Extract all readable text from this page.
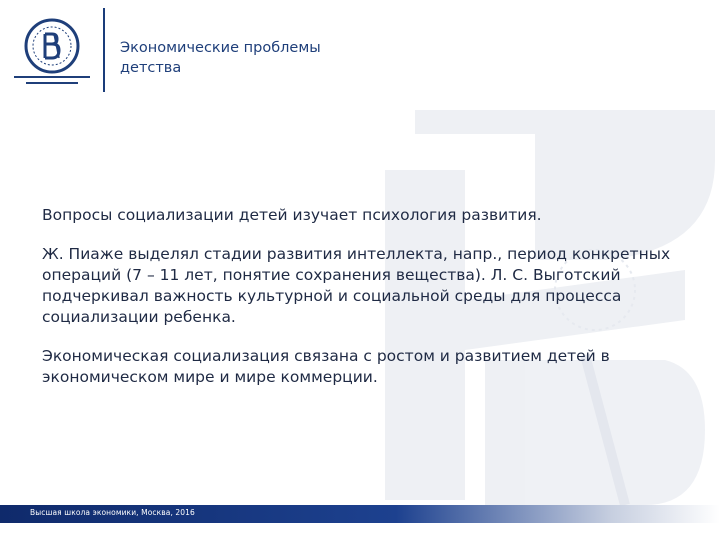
Экономические проблемы
детства

Вопросы социализации детей изучает психология развития.

Ж. Пиаже выделял стадии развития интеллекта, напр., период конкретных операций (7 – 11 лет, понятие сохранения вещества). Л. С. Выготский подчеркивал важность культурной и социальной среды для процесса социализации ребенка.

Экономическая социализация связана с ростом и развитием детей в экономическом мире и мире коммерции.

Высшая школа экономики, Москва, 2016
